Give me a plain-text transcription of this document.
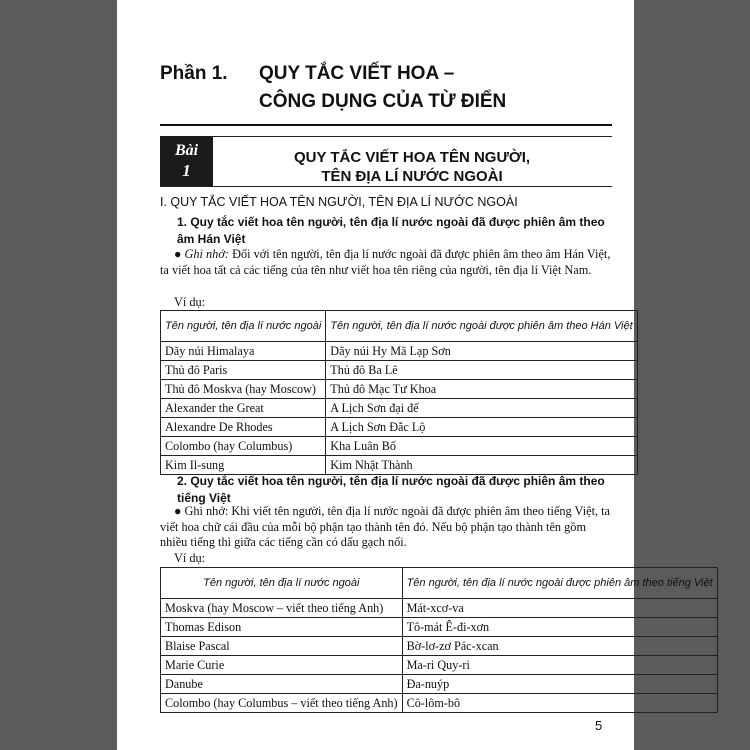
Phần 1. QUY TẮC VIẾT HOA –
CÔNG DỤNG CỦA TỪ ĐIỂN
Bài
1
QUY TẮC VIẾT HOA TÊN NGƯỜI,
TÊN ĐỊA LÍ NƯỚC NGOÀI
I. QUY TẮC VIẾT HOA TÊN NGƯỜI, TÊN ĐỊA LÍ NƯỚC NGOÀI
1. Quy tắc viết hoa tên người, tên địa lí nước ngoài đã được phiên âm theo âm Hán Việt
● Ghi nhớ: Đối với tên người, tên địa lí nước ngoài đã được phiên âm theo âm Hán Việt, ta viết hoa tất cả các tiếng của tên như viết hoa tên riêng của người, tên địa lí Việt Nam.
Ví dụ:
Tên người, tên địa lí nước ngoài	Tên người, tên địa lí nước ngoài được phiên âm theo Hán Việt
Dãy núi Himalaya	Dãy núi Hy Mã Lạp Sơn
Thủ đô Paris	Thủ đô Ba Lê
Thủ đô Moskva (hay Moscow)	Thủ đô Mạc Tư Khoa
Alexander the Great	A Lịch Sơn đại đế
Alexandre De Rhodes	A Lịch Sơn Đắc Lộ
Colombo (hay Columbus)	Kha Luân Bố
Kim Il-sung	Kim Nhật Thành
2. Quy tắc viết hoa tên người, tên địa lí nước ngoài đã được phiên âm theo tiếng Việt
● Ghi nhớ: Khi viết tên người, tên địa lí nước ngoài đã được phiên âm theo tiếng Việt, ta viết hoa chữ cái đầu của mỗi bộ phận tạo thành tên đó. Nếu bộ phận tạo thành tên gồm nhiều tiếng thì giữa các tiếng cần có dấu gạch nối.
Ví dụ:
Tên người, tên địa lí nước ngoài	Tên người, tên địa lí nước ngoài được phiên âm theo tiếng Việt
Moskva (hay Moscow – viết theo tiếng Anh)	Mát-xcơ-va
Thomas Edison	Tô-mát Ê-đi-xơn
Blaise Pascal	Bờ-lơ-zơ Pác-xcan
Marie Curie	Ma-ri Quy-ri
Danube	Đa-nuýp
Colombo (hay Columbus – viết theo tiếng Anh)	Cô-lôm-bô
5
